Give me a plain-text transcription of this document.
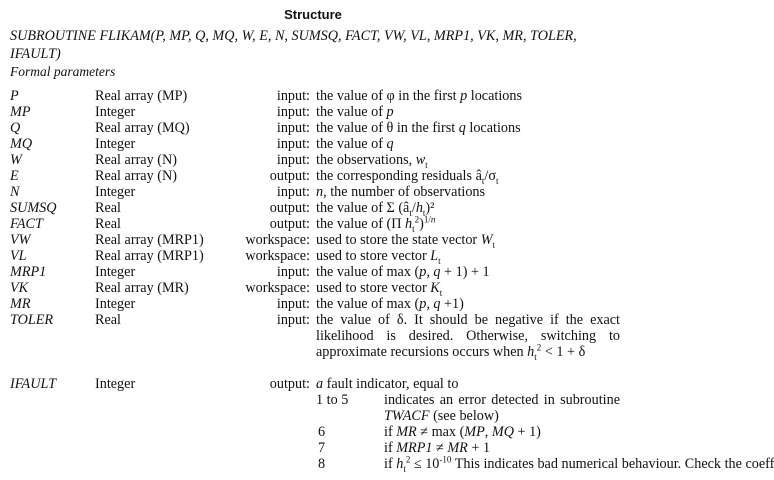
Structure
SUBROUTINE FLIKAM(P, MP, Q, MQ, W, E, N, SUMSQ, FACT, VW, VL, MRP1, VK, MR, TOLER, IFAULT)
Formal parameters
P	Real array (MP)	input: the value of φ in the first p locations
MP	Integer	input: the value of p
Q	Real array (MQ)	input: the value of θ in the first q locations
MQ	Integer	input: the value of q
W	Real array (N)	input: the observations, $w_t$
E	Real array (N)	output: the corresponding residuals $â_t/\sigma_t$
N	Integer	input: n, the number of observations
SUMSQ	Real	output: the value of Σ $(â_t/h_t)^2$
FACT	Real	output: the value of (Π $h_t^2)^{1/n}$
VW	Real array (MRP1)	workspace: used to store the state vector $W_t$
VL	Real array (MRP1)	workspace: used to store vector $L_t$
MRP1	Integer	input: the value of max (p, q + 1) + 1
VK	Real array (MR)	workspace: used to store vector $K_t$
MR	Integer	input: the value of max (p, q +1)
TOLER	Real	input: the value of δ. It should be negative if the exact likelihood is desired. Otherwise, switching to approximate recursions occurs when $h_t^2 < 1 + \delta$
IFAULT	Integer	output: a fault indicator, equal to
1 to 5	indicates an error detected in subroutine TWACF (see below)
6	if MR ≠ max (MP, MQ + 1)
7	if MRP1 ≠ MR + 1
8	if $h_t^2 \le 10^{-10}$ This indicates bad numerical behaviour. Check the coeff
